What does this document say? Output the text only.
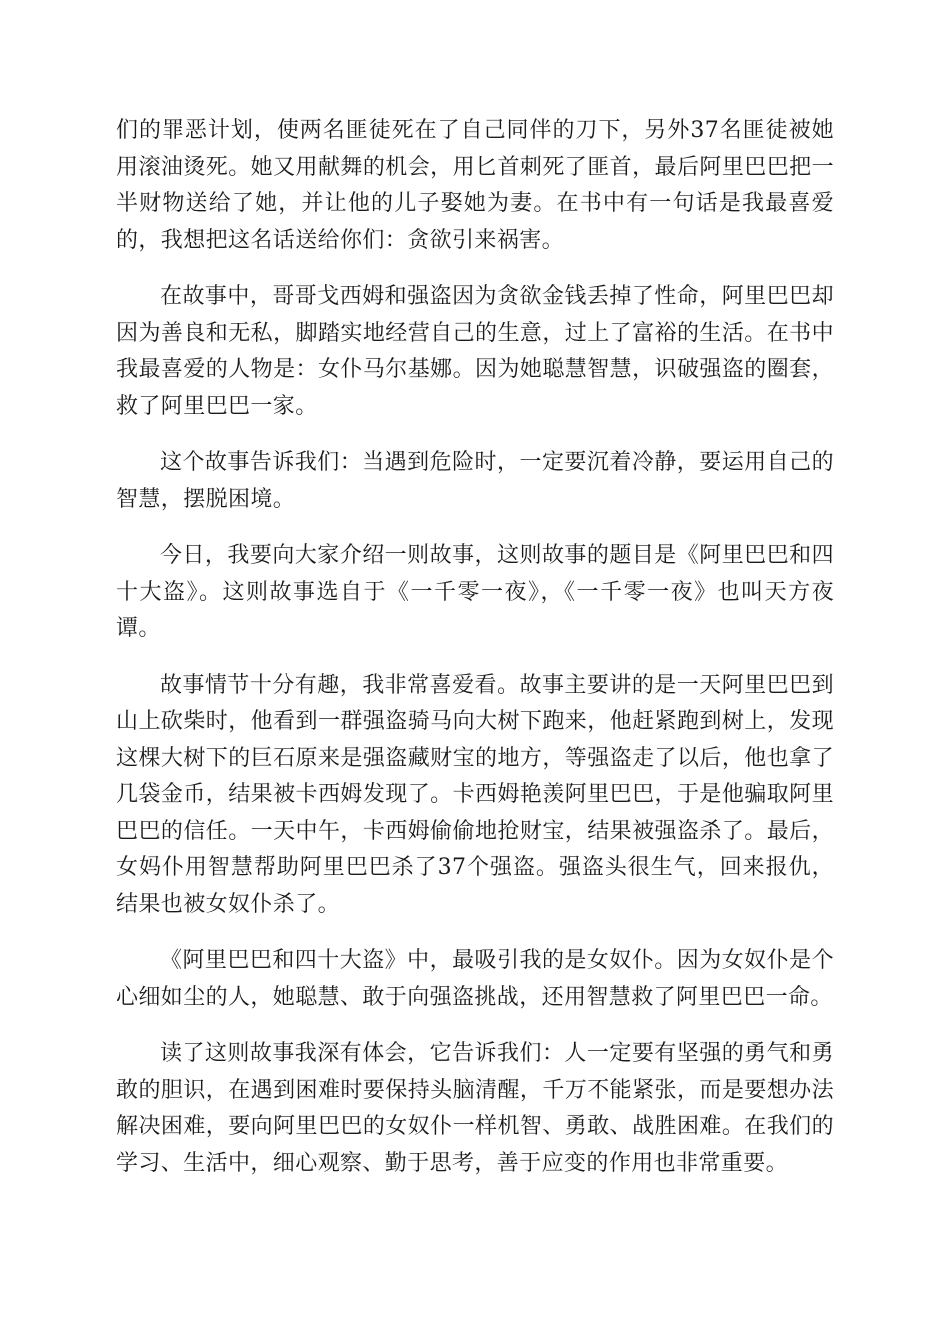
们的罪恶计划，使两名匪徒死在了自己同伴的刀下，另外37名匪徒被她用滚油烫死。她又用献舞的机会，用匕首刺死了匪首，最后阿里巴巴把一半财物送给了她，并让他的儿子娶她为妻。在书中有一句话是我最喜爱的，我想把这名话送给你们：贪欲引来祸害。

在故事中，哥哥戈西姆和强盗因为贪欲金钱丢掉了性命，阿里巴巴却因为善良和无私，脚踏实地经营自己的生意，过上了富裕的生活。在书中我最喜爱的人物是：女仆马尔基娜。因为她聪慧智慧，识破强盗的圈套，救了阿里巴巴一家。

这个故事告诉我们：当遇到危险时，一定要沉着冷静，要运用自己的智慧，摆脱困境。

今日，我要向大家介绍一则故事，这则故事的题目是《阿里巴巴和四十大盗》。这则故事选自于《一千零一夜》，《一千零一夜》也叫天方夜谭。

故事情节十分有趣，我非常喜爱看。故事主要讲的是一天阿里巴巴到山上砍柴时，他看到一群强盗骑马向大树下跑来，他赶紧跑到树上，发现这棵大树下的巨石原来是强盗藏财宝的地方，等强盗走了以后，他也拿了几袋金币，结果被卡西姆发现了。卡西姆艳羡阿里巴巴，于是他骗取阿里巴巴的信任。一天中午，卡西姆偷偷地抢财宝，结果被强盗杀了。最后，女妈仆用智慧帮助阿里巴巴杀了37个强盗。强盗头很生气，回来报仇，结果也被女奴仆杀了。

《阿里巴巴和四十大盗》中，最吸引我的是女奴仆。因为女奴仆是个心细如尘的人，她聪慧、敢于向强盗挑战，还用智慧救了阿里巴巴一命。

读了这则故事我深有体会，它告诉我们：人一定要有坚强的勇气和勇敢的胆识，在遇到困难时要保持头脑清醒，千万不能紧张，而是要想办法解决困难，要向阿里巴巴的女奴仆一样机智、勇敢、战胜困难。在我们的学习、生活中，细心观察、勤于思考，善于应变的作用也非常重要。
